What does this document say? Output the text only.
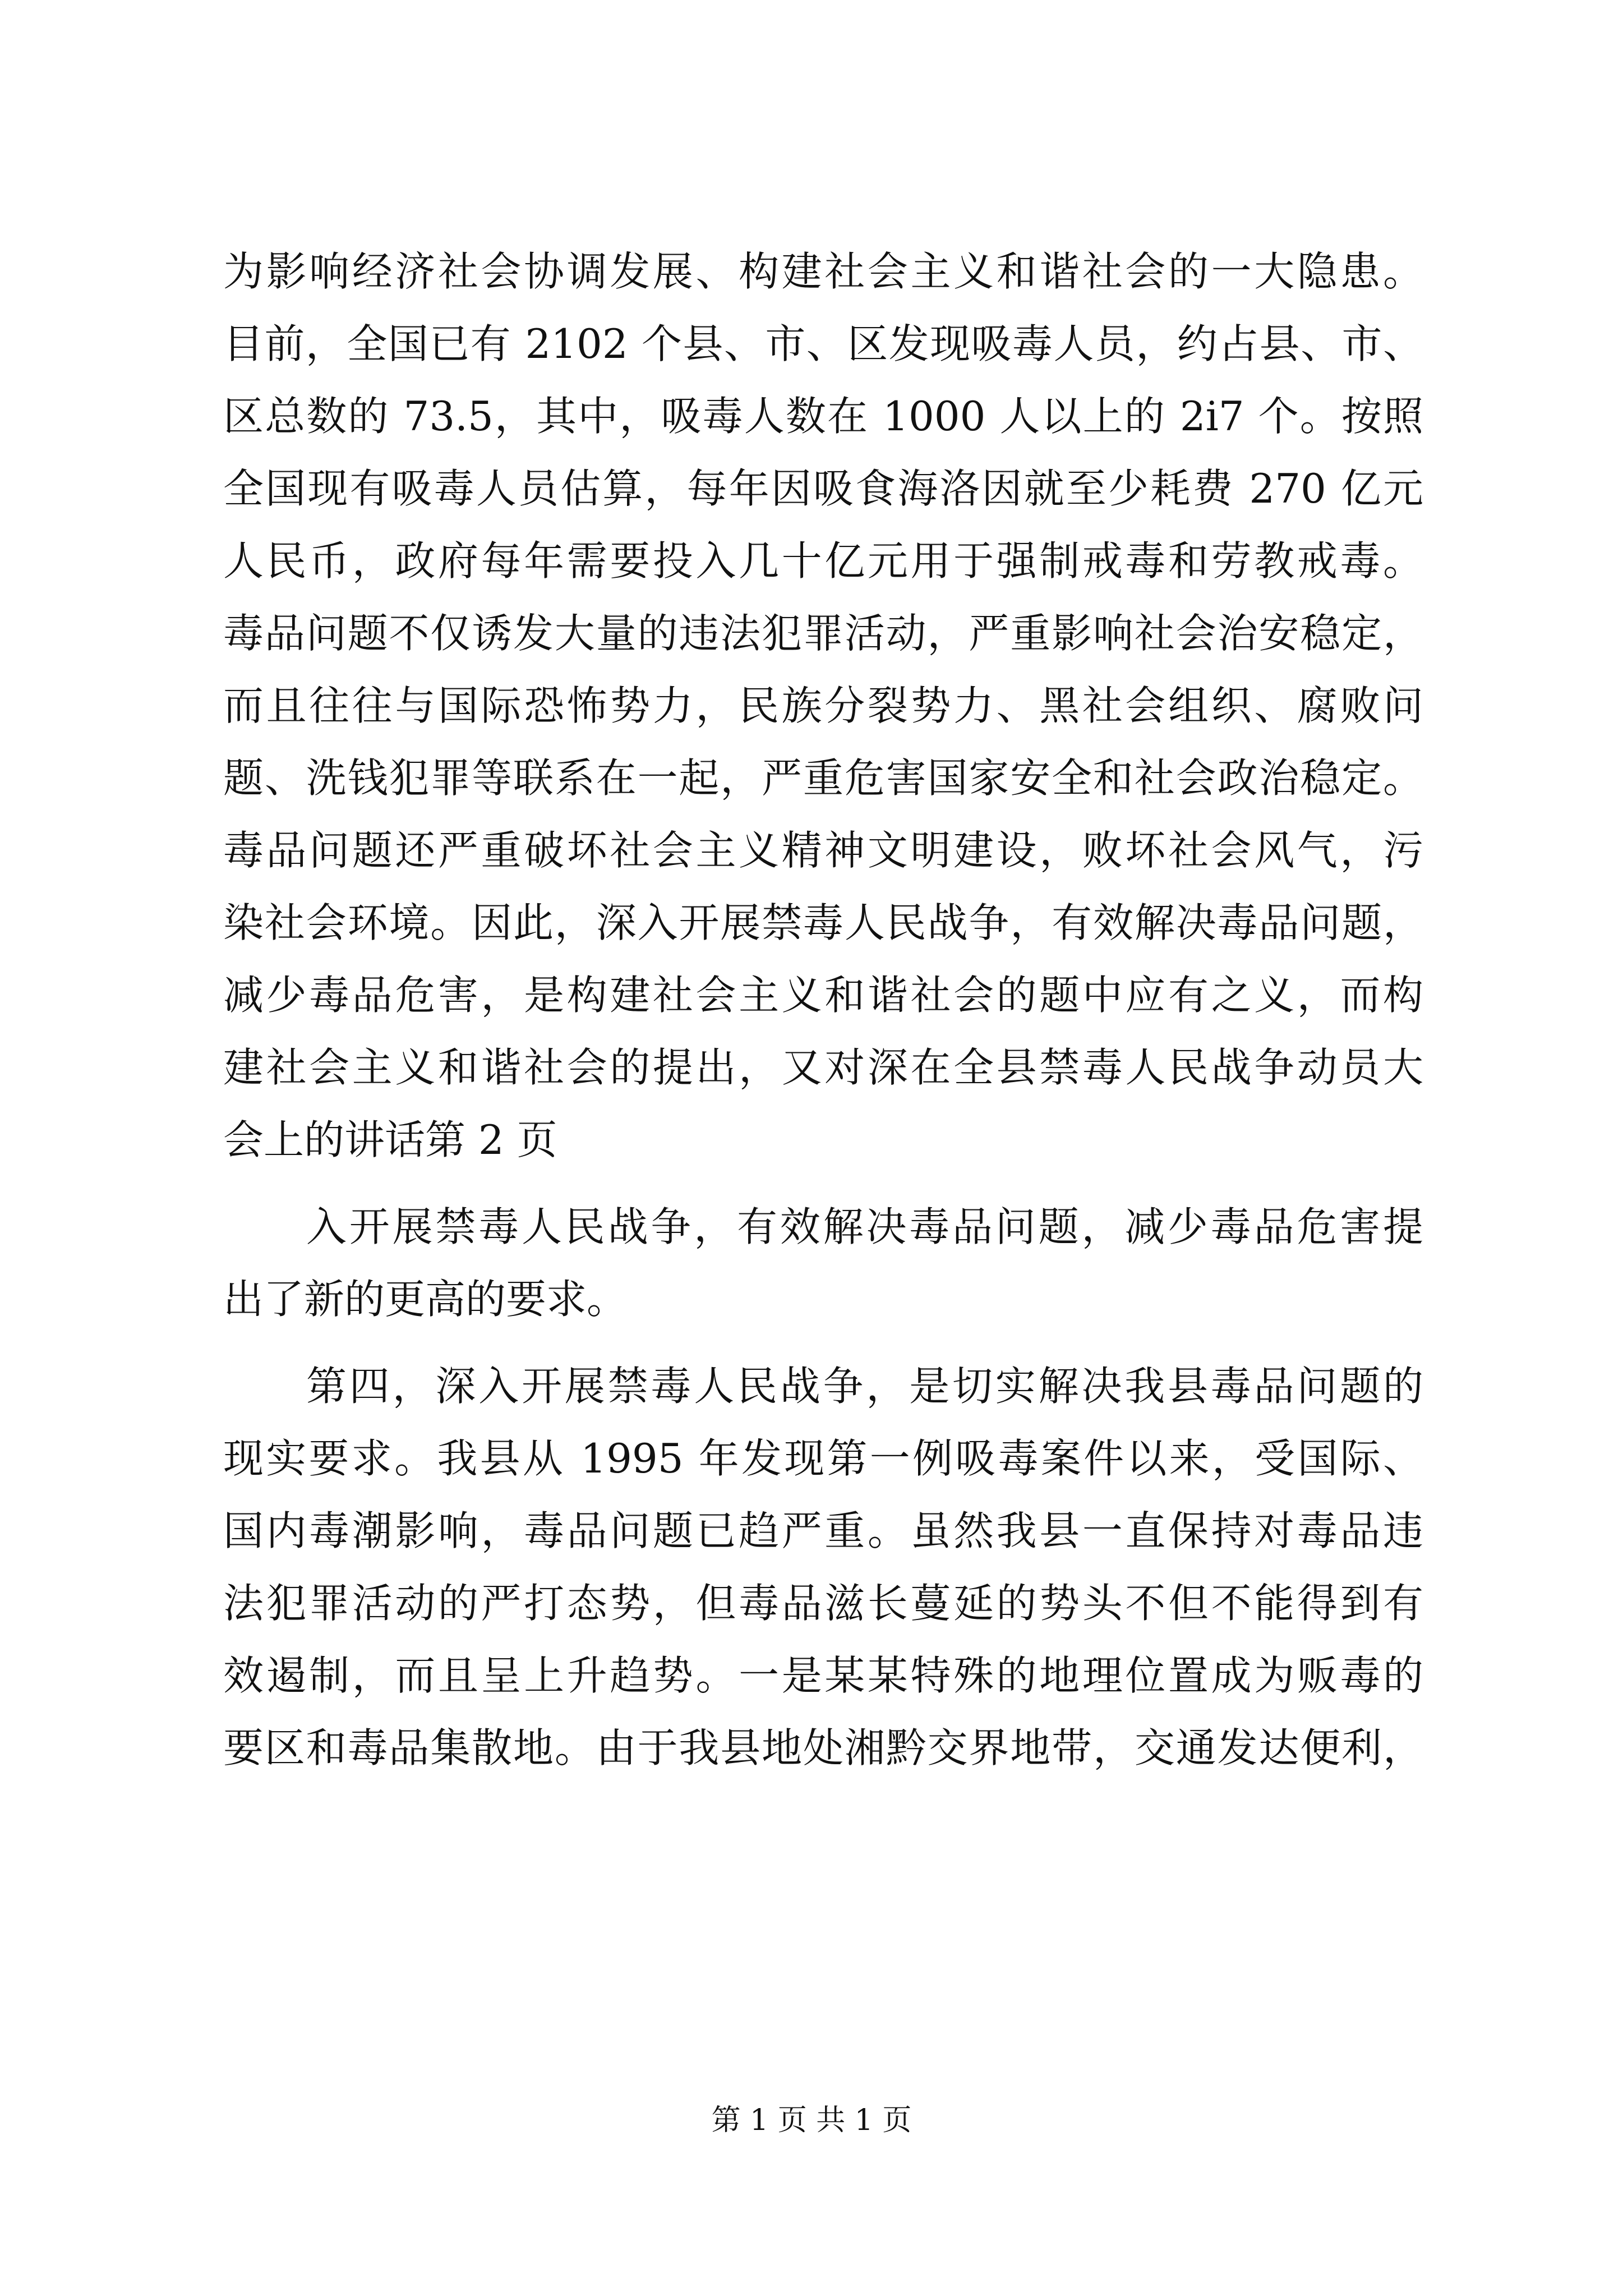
为影响经济社会协调发展、构建社会主义和谐社会的一大隐患。
目前，全国已有 2102 个县、市、区发现吸毒人员，约占县、市、
区总数的 73.5，其中，吸毒人数在 1000 人以上的 2i7 个。按照
全国现有吸毒人员估算，每年因吸食海洛因就至少耗费 270 亿元
人民币，政府每年需要投入几十亿元用于强制戒毒和劳教戒毒。
毒品问题不仅诱发大量的违法犯罪活动，严重影响社会治安稳定，
而且往往与国际恐怖势力，民族分裂势力、黑社会组织、腐败问
题、洗钱犯罪等联系在一起，严重危害国家安全和社会政治稳定。
毒品问题还严重破坏社会主义精神文明建设，败坏社会风气，污
染社会环境。因此，深入开展禁毒人民战争，有效解决毒品问题，
减少毒品危害，是构建社会主义和谐社会的题中应有之义，而构
建社会主义和谐社会的提出，又对深在全县禁毒人民战争动员大
会上的讲话第 2 页
入开展禁毒人民战争，有效解决毒品问题，减少毒品危害提
出了新的更高的要求。
第四，深入开展禁毒人民战争，是切实解决我县毒品问题的
现实要求。我县从 1995 年发现第一例吸毒案件以来，受国际、
国内毒潮影响，毒品问题已趋严重。虽然我县一直保持对毒品违
法犯罪活动的严打态势，但毒品滋长蔓延的势头不但不能得到有
效遏制，而且呈上升趋势。一是某某特殊的地理位置成为贩毒的
要区和毒品集散地。由于我县地处湘黔交界地带，交通发达便利，
第 1 页 共 1 页
